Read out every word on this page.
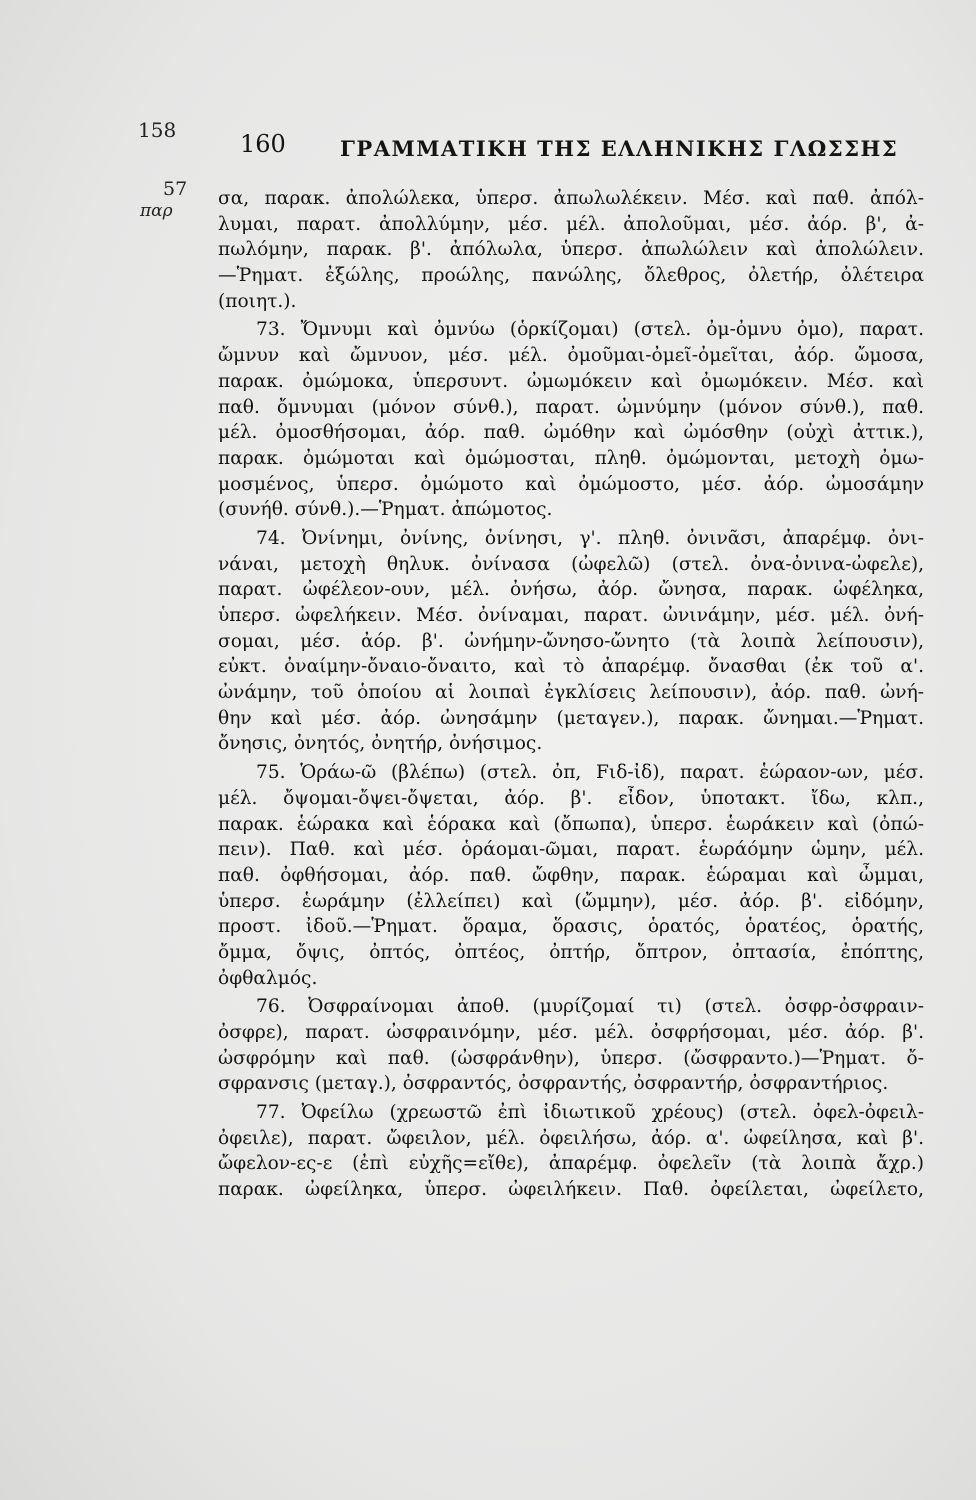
158
57
παρ
160	ΓΡΑΜΜΑΤΙΚΗ ΤΗΣ ΕΛΛΗΝΙΚΗΣ ΓΛΩΣΣΗΣ
σα, παρακ. ἀπολώλεκα, ὑπερσ. ἀπωλωλέκειν. Μέσ. καὶ παθ. ἀπόλ-
λυμαι, παρατ. ἀπολλύμην, μέσ. μέλ. ἀπολοῦμαι, μέσ. ἀόρ. β', ἀ-
πωλόμην, παρακ. β'. ἀπόλωλα, ὑπερσ. ἀπωλώλειν καὶ ἀπολώλειν.
—Ῥηματ. ἐξώλης, προώλης, πανώλης, ὄλεθρος, ὀλετήρ, ὀλέτειρα
(ποιητ.).
73. Ὄμνυμι καὶ ὀμνύω (ὁρκίζομαι) (στελ. ὀμ-ὀμνυ ὀμο), παρατ.
ὤμνυν καὶ ὤμνυον, μέσ. μέλ. ὀμοῦμαι-ὀμεῖ-ὀμεῖται, ἀόρ. ὤμοσα,
παρακ. ὀμώμοκα, ὑπερσυντ. ὠμωμόκειν καὶ ὀμωμόκειν. Μέσ. καὶ
παθ. ὄμνυμαι (μόνον σύνθ.), παρατ. ὠμνύμην (μόνον σύνθ.), παθ.
μέλ. ὀμοσθήσομαι, ἀόρ. παθ. ὠμόθην καὶ ὠμόσθην (οὐχὶ ἀττικ.),
παρακ. ὀμώμοται καὶ ὀμώμοσται, πληθ. ὀμώμονται, μετοχὴ ὀμω-
μοσμένος, ὑπερσ. ὀμώμοτο καὶ ὀμώμοστο, μέσ. ἀόρ. ὠμοσάμην
(συνήθ. σύνθ.).—Ῥηματ. ἀπώμοτος.
74. Ὀνίνημι, ὀνίνης, ὀνίνησι, γ'. πληθ. ὀνινᾶσι, ἀπαρέμφ. ὀνι-
νάναι, μετοχὴ θηλυκ. ὀνίνασα (ὠφελῶ) (στελ. ὀνα-ὀνινα-ὠφελε),
παρατ. ὠφέλεον-ουν, μέλ. ὀνήσω, ἀόρ. ὤνησα, παρακ. ὠφέληκα,
ὑπερσ. ὠφελήκειν. Μέσ. ὀνίναμαι, παρατ. ὠνινάμην, μέσ. μέλ. ὀνή-
σομαι, μέσ. ἀόρ. β'. ὠνήμην-ὤνησο-ὤνητο (τὰ λοιπὰ λείπουσιν),
εὐκτ. ὀναίμην-ὄναιο-ὄναιτο, καὶ τὸ ἀπαρέμφ. ὄνασθαι (ἐκ τοῦ α'.
ὠνάμην, τοῦ ὁποίου αἱ λοιπαὶ ἐγκλίσεις λείπουσιν), ἀόρ. παθ. ὠνή-
θην καὶ μέσ. ἀόρ. ὠνησάμην (μεταγεν.), παρακ. ὤνημαι.—Ῥηματ.
ὄνησις, ὀνητός, ὀνητήρ, ὀνήσιμος.
75. Ὁράω-ῶ (βλέπω) (στελ. ὀπ, Fιδ-ἰδ), παρατ. ἑώραον-ων, μέσ.
μέλ. ὄψομαι-ὄψει-ὄψεται, ἀόρ. β'. εἶδον, ὑποτακτ. ἴδω, κλπ.,
παρακ. ἑώρακα καὶ ἑόρακα καὶ (ὄπωπα), ὑπερσ. ἑωράκειν καὶ (ὀπώ-
πειν). Παθ. καὶ μέσ. ὁράομαι-ῶμαι, παρατ. ἑωράόμην ὡμην, μέλ.
παθ. ὀφθήσομαι, ἀόρ. παθ. ὤφθην, παρακ. ἑώραμαι καὶ ὦμμαι,
ὑπερσ. ἑωράμην (ἐλλείπει) καὶ (ὤμμην), μέσ. ἀόρ. β'. εἰδόμην,
προστ. ἰδοῦ.—Ῥηματ. ὅραμα, ὅρασις, ὁρατός, ὁρατέος, ὁρατής,
ὄμμα, ὄψις, ὀπτός, ὀπτέος, ὀπτήρ, ὄπτρον, ὀπτασία, ἐπόπτης,
ὀφθαλμός.
76. Ὀσφραίνομαι ἀποθ. (μυρίζομαί τι) (στελ. ὀσφρ-ὀσφραιν-
ὀσφρε), παρατ. ὠσφραινόμην, μέσ. μέλ. ὀσφρήσομαι, μέσ. ἀόρ. β'.
ὠσφρόμην καὶ παθ. (ὠσφράνθην), ὑπερσ. (ὤσφραντο.)—Ῥηματ. ὄ-
σφρανσις (μεταγ.), ὀσφραντός, ὀσφραντής, ὀσφραντήρ, ὀσφραντήριος.
77. Ὀφείλω (χρεωστῶ ἐπὶ ἰδιωτικοῦ χρέους) (στελ. ὀφελ-ὀφειλ-
ὀφειλε), παρατ. ὤφειλον, μέλ. ὀφειλήσω, ἀόρ. α'. ὠφείλησα, καὶ β'.
ὤφελον-ες-ε (ἐπὶ εὐχῆς=εἴθε), ἀπαρέμφ. ὀφελεῖν (τὰ λοιπὰ ἄχρ.)
παρακ. ὠφείληκα, ὑπερσ. ὠφειλήκειν. Παθ. ὀφείλεται, ὠφείλετο,
